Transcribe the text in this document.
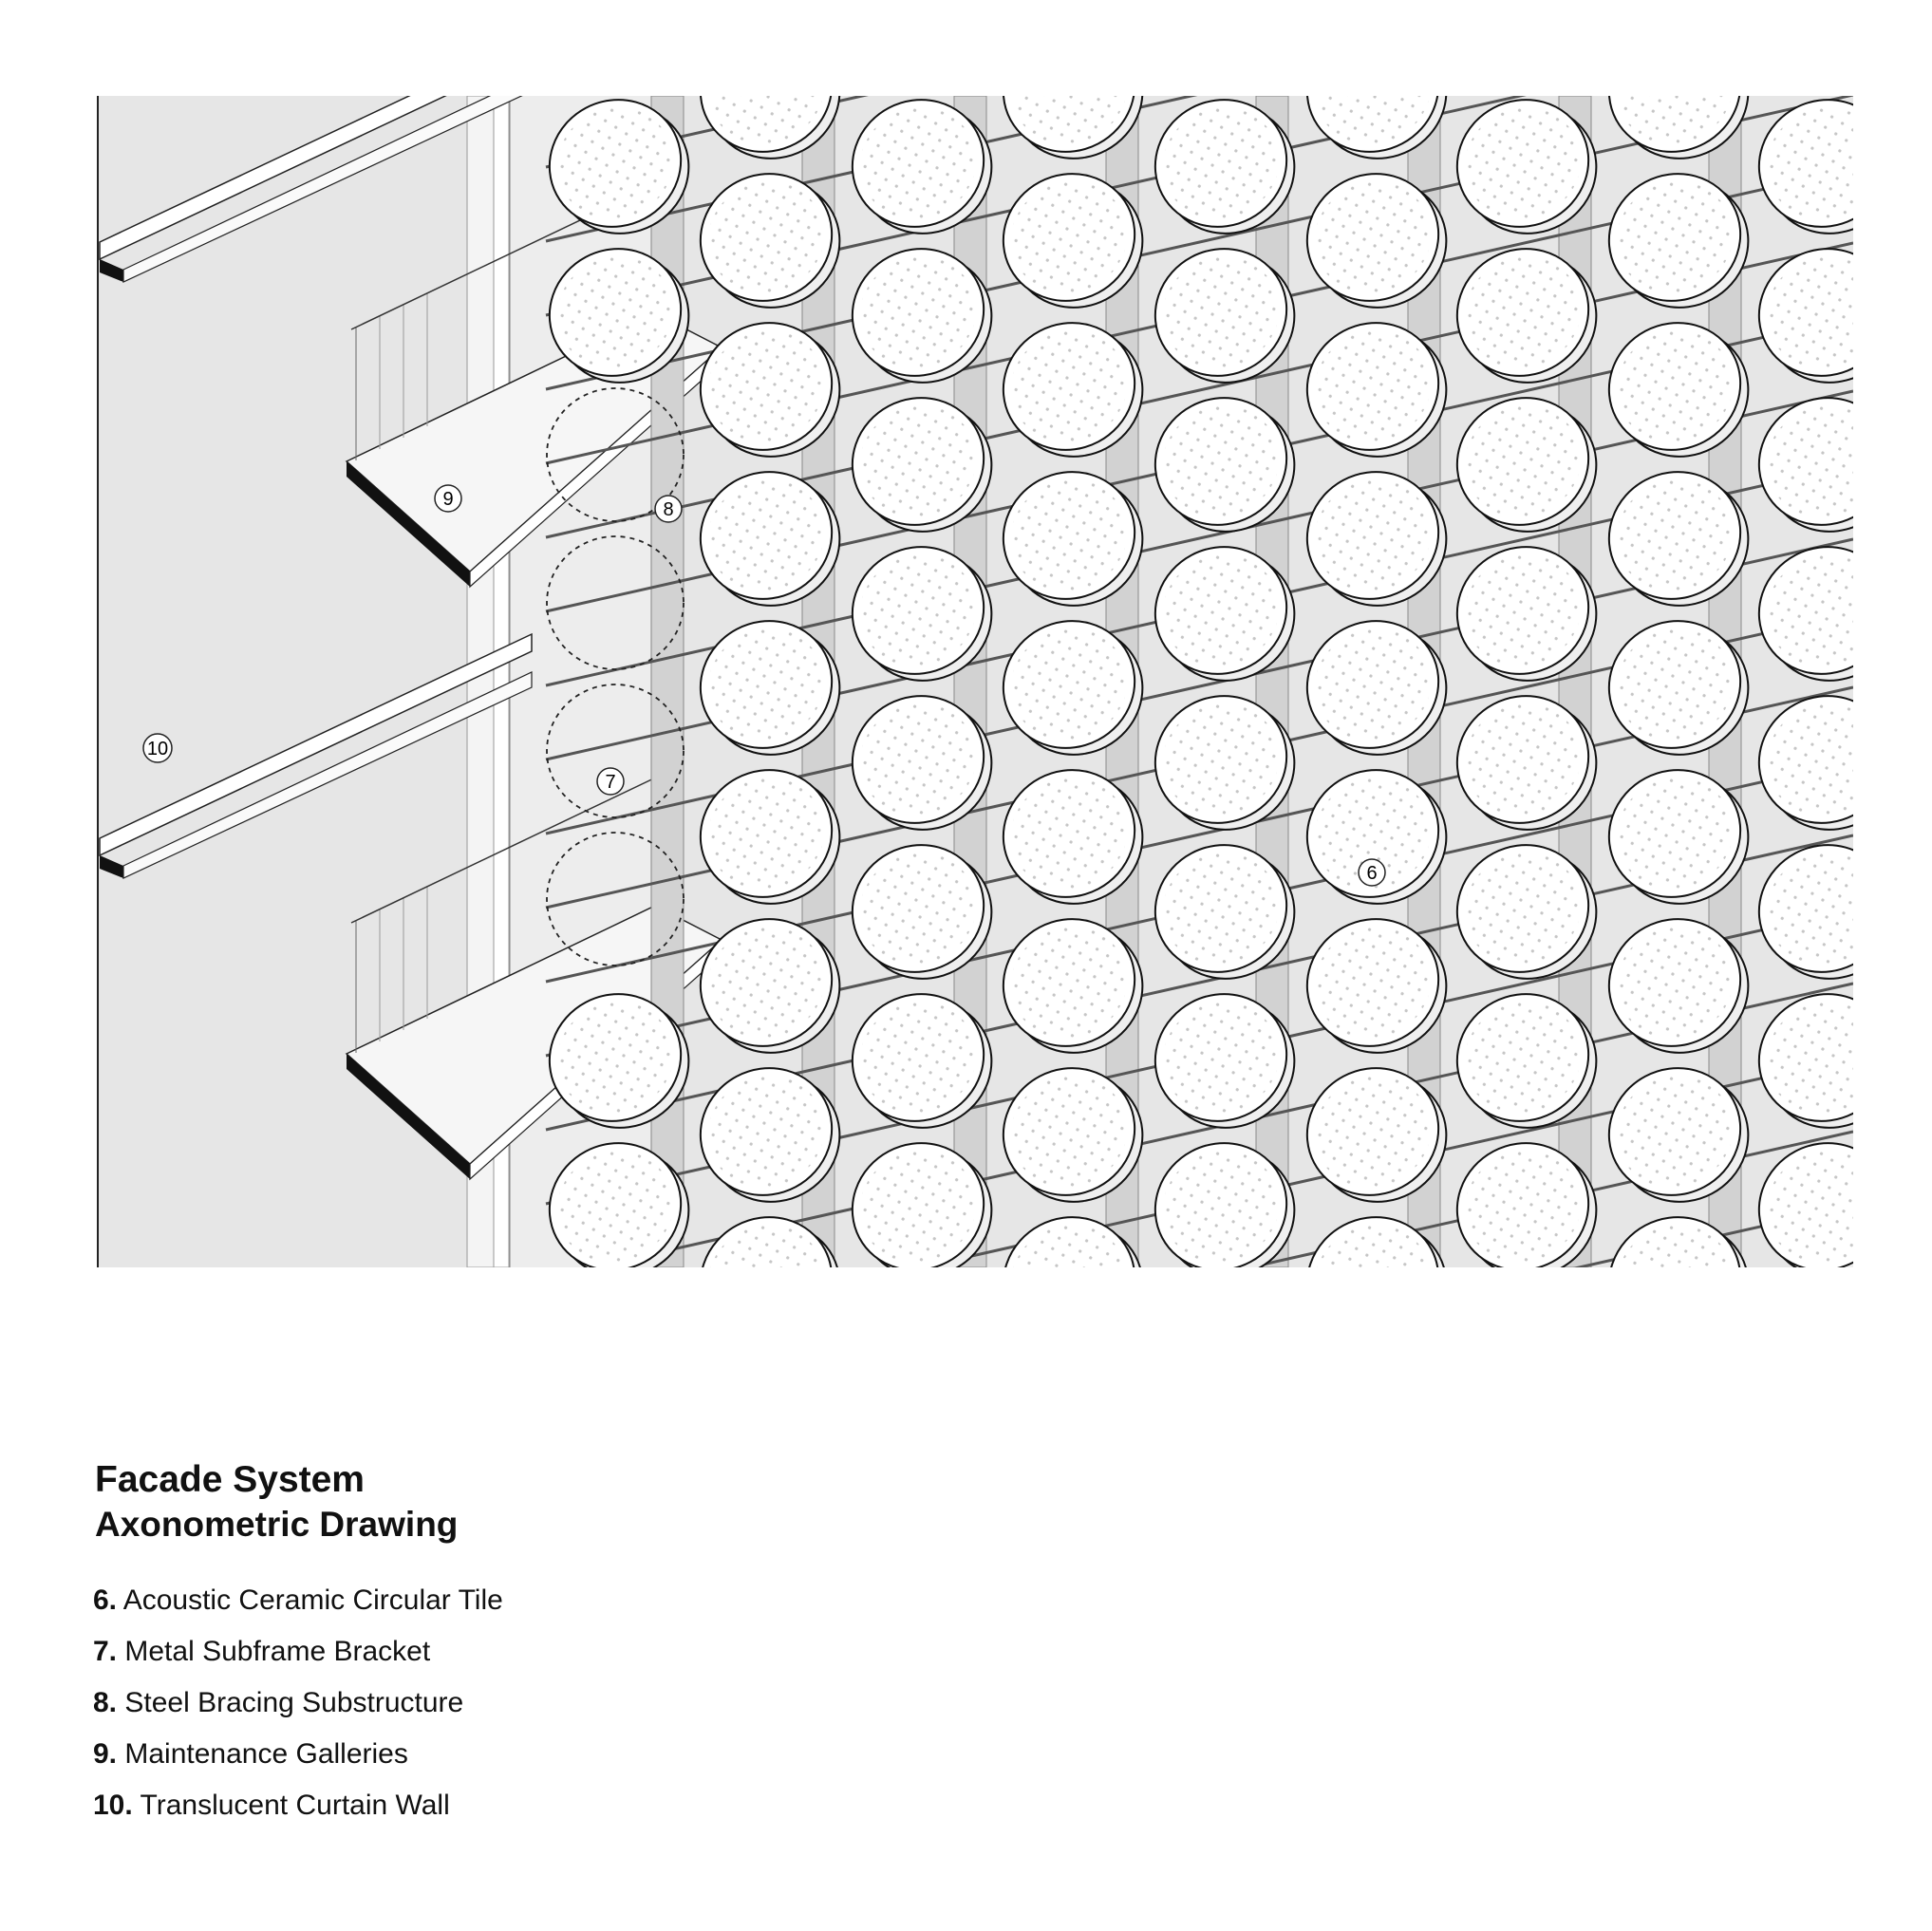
6
7
8
9
10
Facade System
Axonometric Drawing
6. Acoustic Ceramic Circular Tile
7. Metal Subframe Bracket
8. Steel Bracing Substructure
9. Maintenance Galleries
10. Translucent Curtain Wall
